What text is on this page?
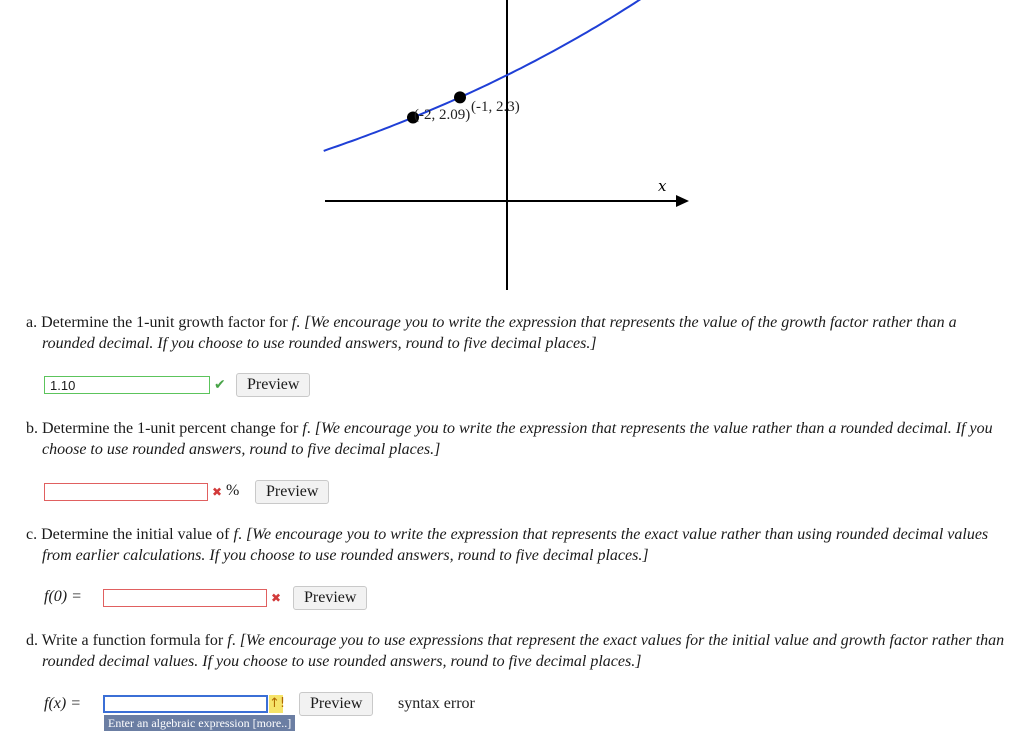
(-2, 2.09) (-1, 2.3)
x
a. Determine the 1-unit growth factor for f. [We encourage you to write the expression that represents the value of the growth factor rather than a rounded decimal. If you choose to use rounded answers, round to five decimal places.]
1.10	✔	Preview
b. Determine the 1-unit percent change for f. [We encourage you to write the expression that represents the value rather than a rounded decimal. If you choose to use rounded answers, round to five decimal places.]
✖ %	Preview
c. Determine the initial value of f. [We encourage you to write the expression that represents the exact value rather than using rounded decimal values from earlier calculations. If you choose to use rounded answers, round to five decimal places.]
f(0) =	✖	Preview
d. Write a function formula for f. [We encourage you to use expressions that represent the exact values for the initial value and growth factor rather than rounded decimal values. If you choose to use rounded answers, round to five decimal places.]
f(x) =	↑!	Preview	syntax error
Enter an algebraic expression [more..]
